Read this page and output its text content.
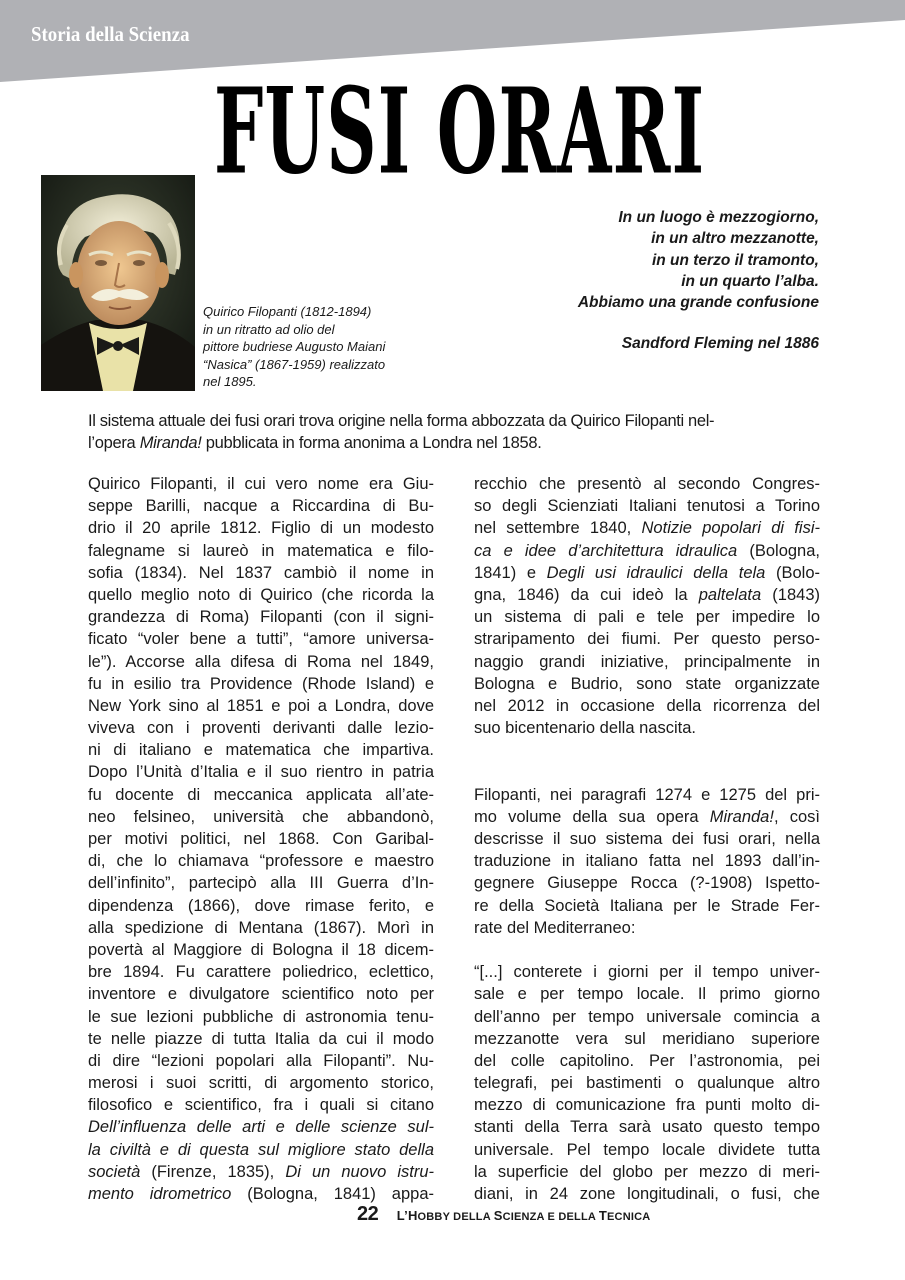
Storia della Scienza
FUSI ORARI
Quirico Filopanti (1812-1894)
in un ritratto ad olio del
pittore budriese Augusto Maiani
“Nasica” (1867-1959) realizzato
nel 1895.
In un luogo è mezzogiorno,
in un altro mezzanotte,
in un terzo il tramonto,
in un quarto l’alba.
Abbiamo una grande confusione
Sandford Fleming nel 1886
Il sistema attuale dei fusi orari trova origine nella forma abbozzata da Quirico Filopanti nel-
l’opera Miranda! pubblicata in forma anonima a Londra nel 1858.
Quirico Filopanti, il cui vero nome era Giu-
seppe Barilli, nacque a Riccardina di Bu-
drio il 20 aprile 1812. Figlio di un modesto
falegname si laureò in matematica e filo-
sofia (1834). Nel 1837 cambiò il nome in
quello meglio noto di Quirico (che ricorda la
grandezza di Roma) Filopanti (con il signi-
ficato “voler bene a tutti”, “amore universa-
le”). Accorse alla difesa di Roma nel 1849,
fu in esilio tra Providence (Rhode Island) e
New York sino al 1851 e poi a Londra, dove
viveva con i proventi derivanti dalle lezio-
ni di italiano e matematica che impartiva.
Dopo l’Unità d’Italia e il suo rientro in patria
fu docente di meccanica applicata all’ate-
neo felsineo, università che abbandonò,
per motivi politici, nel 1868. Con Garibal-
di, che lo chiamava “professore e maestro
dell’infinito”, partecipò alla III Guerra d’In-
dipendenza (1866), dove rimase ferito, e
alla spedizione di Mentana (1867). Morì in
povertà al Maggiore di Bologna il 18 dicem-
bre 1894. Fu carattere poliedrico, eclettico,
inventore e divulgatore scientifico noto per
le sue lezioni pubbliche di astronomia tenu-
te nelle piazze di tutta Italia da cui il modo
di dire “lezioni popolari alla Filopanti”. Nu-
merosi i suoi scritti, di argomento storico,
filosofico e scientifico, fra i quali si citano
Dell’influenza delle arti e delle scienze sul-
la civiltà e di questa sul migliore stato della
società (Firenze, 1835), Di un nuovo istru-
mento idrometrico (Bologna, 1841) appa-
recchio che presentò al secondo Congres-
so degli Scienziati Italiani tenutosi a Torino
nel settembre 1840, Notizie popolari di fisi-
ca e idee d’architettura idraulica (Bologna,
1841) e Degli usi idraulici della tela (Bolo-
gna, 1846) da cui ideò la paltelata (1843)
un sistema di pali e tele per impedire lo
straripamento dei fiumi. Per questo perso-
naggio grandi iniziative, principalmente in
Bologna e Budrio, sono state organizzate
nel 2012 in occasione della ricorrenza del
suo bicentenario della nascita.
Filopanti, nei paragrafi 1274 e 1275 del pri-
mo volume della sua opera Miranda!, così
descrisse il suo sistema dei fusi orari, nella
traduzione in italiano fatta nel 1893 dall’in-
gegnere Giuseppe Rocca (?-1908) Ispetto-
re della Società Italiana per le Strade Fer-
rate del Mediterraneo:
“[...] conterete i giorni per il tempo univer-
sale e per tempo locale. Il primo giorno
dell’anno per tempo universale comincia a
mezzanotte vera sul meridiano superiore
del colle capitolino. Per l’astronomia, pei
telegrafi, pei bastimenti o qualunque altro
mezzo di comunicazione fra punti molto di-
stanti della Terra sarà usato questo tempo
universale. Pel tempo locale dividete tutta
la superficie del globo per mezzo di meri-
diani, in 24 zone longitudinali, o fusi, che
22 L’HOBBY DELLA SCIENZA E DELLA TECNICA
